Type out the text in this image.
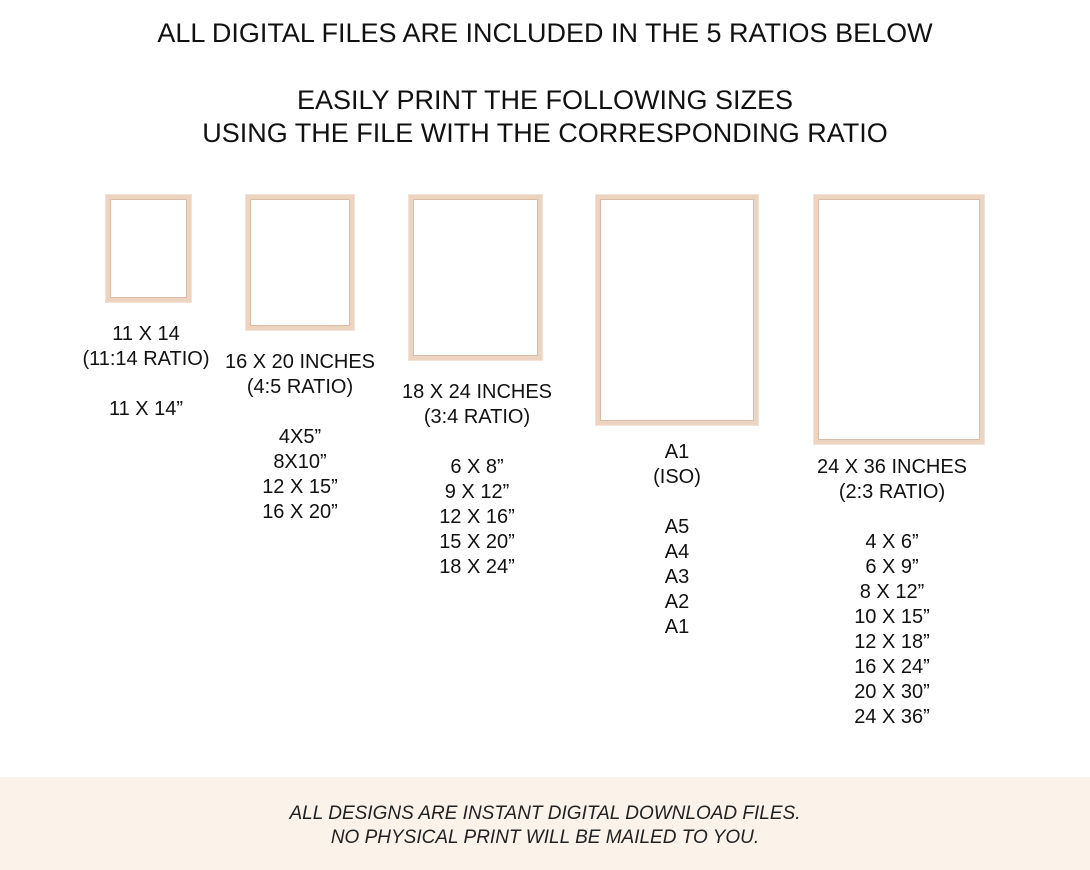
ALL DIGITAL FILES ARE INCLUDED IN THE 5 RATIOS BELOW
EASILY PRINT THE FOLLOWING SIZES
USING THE FILE WITH THE CORRESPONDING RATIO
11 X 14
(11:14 RATIO)

11 X 14”
16 X 20 INCHES
(4:5 RATIO)

4X5”
8X10”
12 X 15”
16 X 20”
18 X 24 INCHES
(3:4 RATIO)

6 X 8”
9 X 12”
12 X 16”
15 X 20”
18 X 24”
A1
(ISO)

A5
A4
A3
A2
A1
24 X 36 INCHES
(2:3 RATIO)

4 X 6”
6 X 9”
8 X 12”
10 X 15”
12 X 18”
16 X 24”
20 X 30”
24 X 36”
ALL DESIGNS ARE INSTANT DIGITAL DOWNLOAD FILES.
NO PHYSICAL PRINT WILL BE MAILED TO YOU.
